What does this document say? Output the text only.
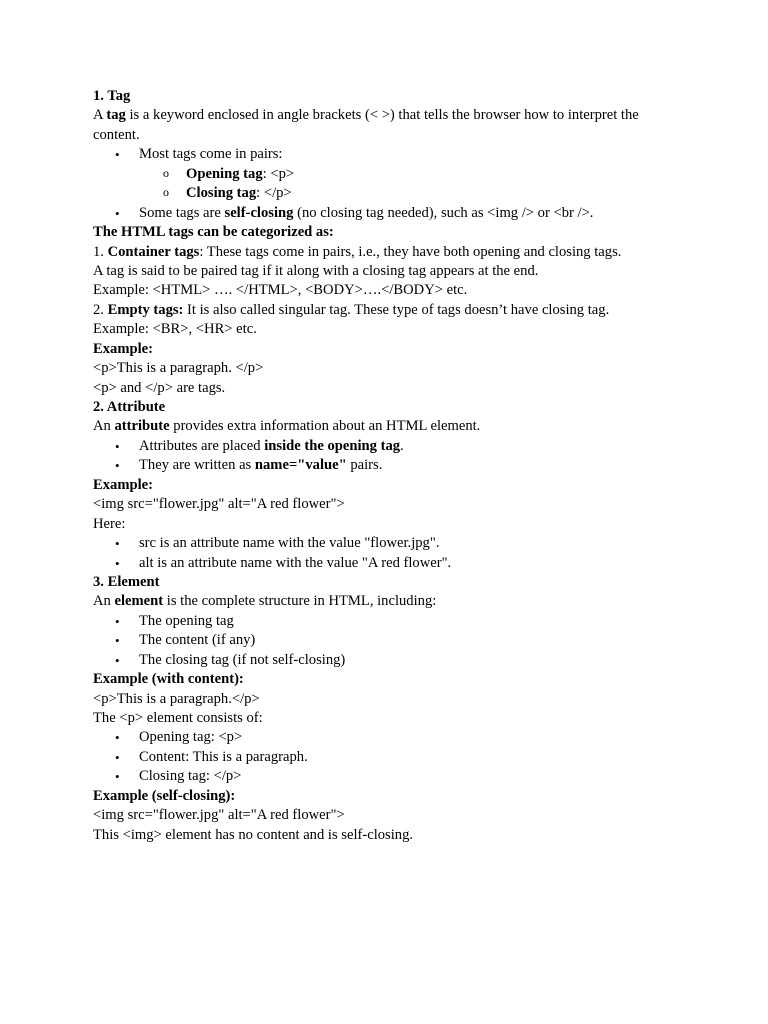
1. Tag
A tag is a keyword enclosed in angle brackets (< >) that tells the browser how to interpret the
content.
• Most tags come in pairs:
o Opening tag: <p>
o Closing tag: </p>
• Some tags are self-closing (no closing tag needed), such as <img /> or <br />.
The HTML tags can be categorized as:
1. Container tags: These tags come in pairs, i.e., they have both opening and closing tags.
A tag is said to be paired tag if it along with a closing tag appears at the end.
Example: <HTML> …. </HTML>, <BODY>….</BODY> etc.
2. Empty tags: It is also called singular tag. These type of tags doesn’t have closing tag.
Example: <BR>, <HR> etc.
Example:
<p>This is a paragraph. </p>
<p> and </p> are tags.
2. Attribute
An attribute provides extra information about an HTML element.
• Attributes are placed inside the opening tag.
• They are written as name="value" pairs.
Example:
<img src="flower.jpg" alt="A red flower">
Here:
• src is an attribute name with the value "flower.jpg".
• alt is an attribute name with the value "A red flower".
3. Element
An element is the complete structure in HTML, including:
• The opening tag
• The content (if any)
• The closing tag (if not self-closing)
Example (with content):
<p>This is a paragraph.</p>
The <p> element consists of:
• Opening tag: <p>
• Content: This is a paragraph.
• Closing tag: </p>
Example (self-closing):
<img src="flower.jpg" alt="A red flower">
This <img> element has no content and is self-closing.
